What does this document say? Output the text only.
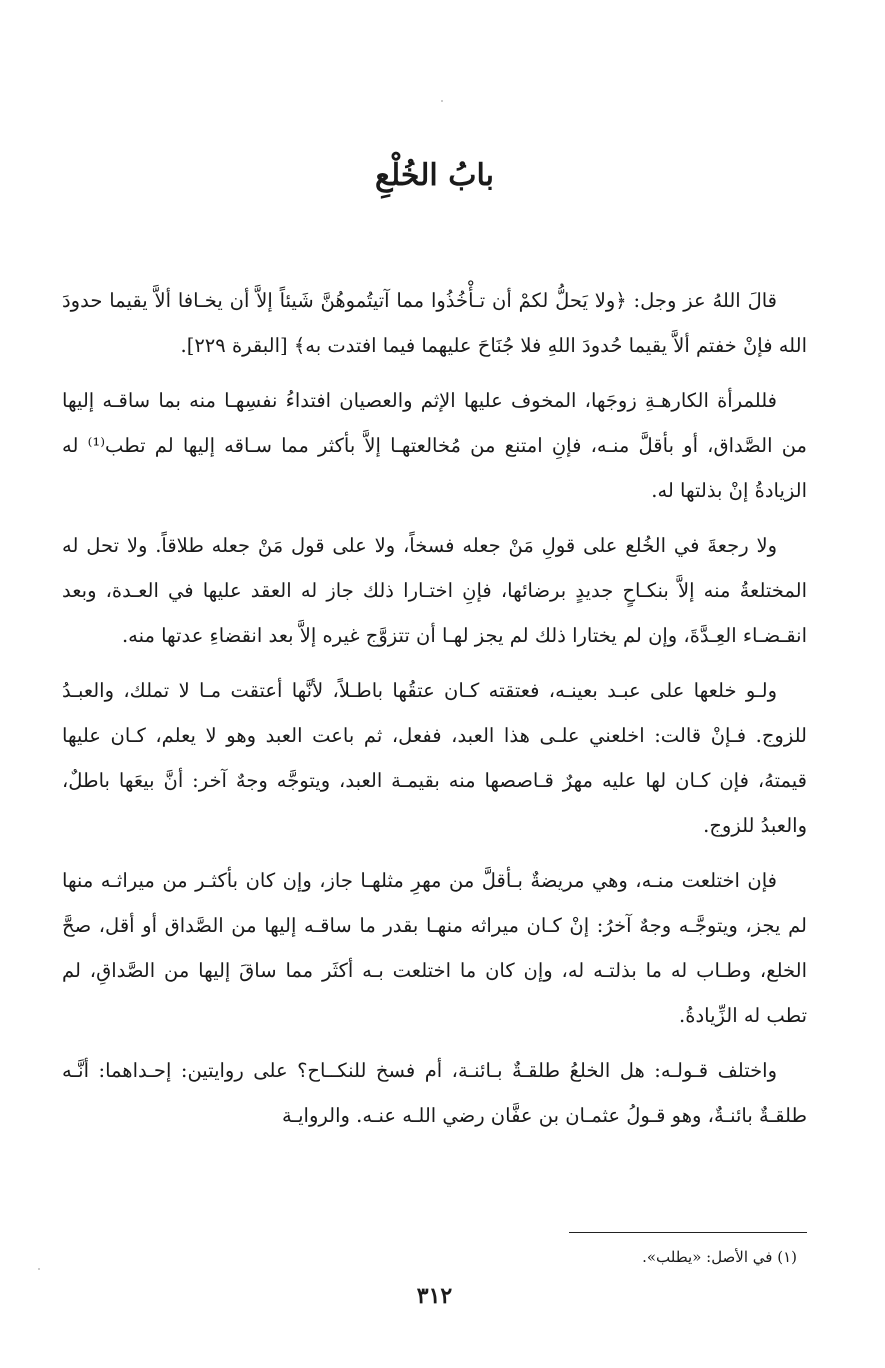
بابُ الخُلْعِ

قالَ اللهُ عز وجل: ﴿ولا يَحلُّ لكمْ أن تـأْخُذُوا مما آتيتُموهُنَّ شَيئاً إلاَّ أن يخـافا ألاَّ يقيما حدودَ الله فإنْ خفتم ألاَّ يقيما حُدودَ اللهِ فلا جُنَاحَ عليهما فيما افتدت به﴾ [البقرة ٢٢٩].

فللمرأة الكارهـةِ زوجَها، المخوف عليها الإثم والعصيان افتداءُ نفسِهـا منه بما ساقـه إليها من الصَّداق، أو بأقلَّ منـه، فإنِ امتنع من مُخالعتهـا إلاَّ بأكثر مما سـاقه إليها لم تطب⁽¹⁾ له الزيادةُ إنْ بذلتها له.

ولا رجعةَ في الخُلع على قولِ مَنْ جعله فسخاً، ولا على قول مَنْ جعله طلاقاً. ولا تحل له المختلعةُ منه إلاَّ بنكـاحٍ جديدٍ برضائها، فإنِ اختـارا ذلك جاز له العقد عليها في العـدة، وبعد انقـضـاء العِـدَّةَ، وإن لم يختارا ذلك لم يجز لهـا أن تتزوَّج غيره إلاَّ بعد انقضاءِ عدتها منه.

ولـو خلعها على عبـد بعينـه، فعتقته كـان عتقُها باطـلاً، لأنَّها أعتقت مـا لا تملك، والعبـدُ للزوج. فـإنْ قالت: اخلعني علـى هذا العبد، ففعل، ثم باعت العبد وهو لا يعلم، كـان عليها قيمتهُ، فإن كـان لها عليه مهرٌ قـاصصها منه بقيمـة العبد، ويتوجَّه وجهٌ آخر: أنَّ بيعَها باطلٌ، والعبدُ للزوج.

فإن اختلعت منـه، وهي مريضةٌ بـأقلَّ من مهرِ مثلهـا جاز، وإن كان بأكثـر من ميراثـه منها لم يجز، ويتوجَّـه وجهٌ آخرُ: إنْ كـان ميراثه منهـا بقدر ما ساقـه إليها من الصَّداق أو أقل، صحَّ الخلع، وطـاب له ما بذلتـه له، وإن كان ما اختلعت بـه أكثَر مما ساقَ إليها من الصَّداقِ، لم تطب له الزِّيادةُ.

واختلف قـولـه: هل الخلعُ طلقـةٌ بـائنـة، أم فسخ للنكــاح؟ على روايتين: إحـداهما: أنَّـه طلقـةٌ بائنـةٌ، وهو قـولُ عثمـان بن عفَّان رضي اللـه عنـه. والروايـة

(١) في الأصل: «يطلب».
٣١٢
